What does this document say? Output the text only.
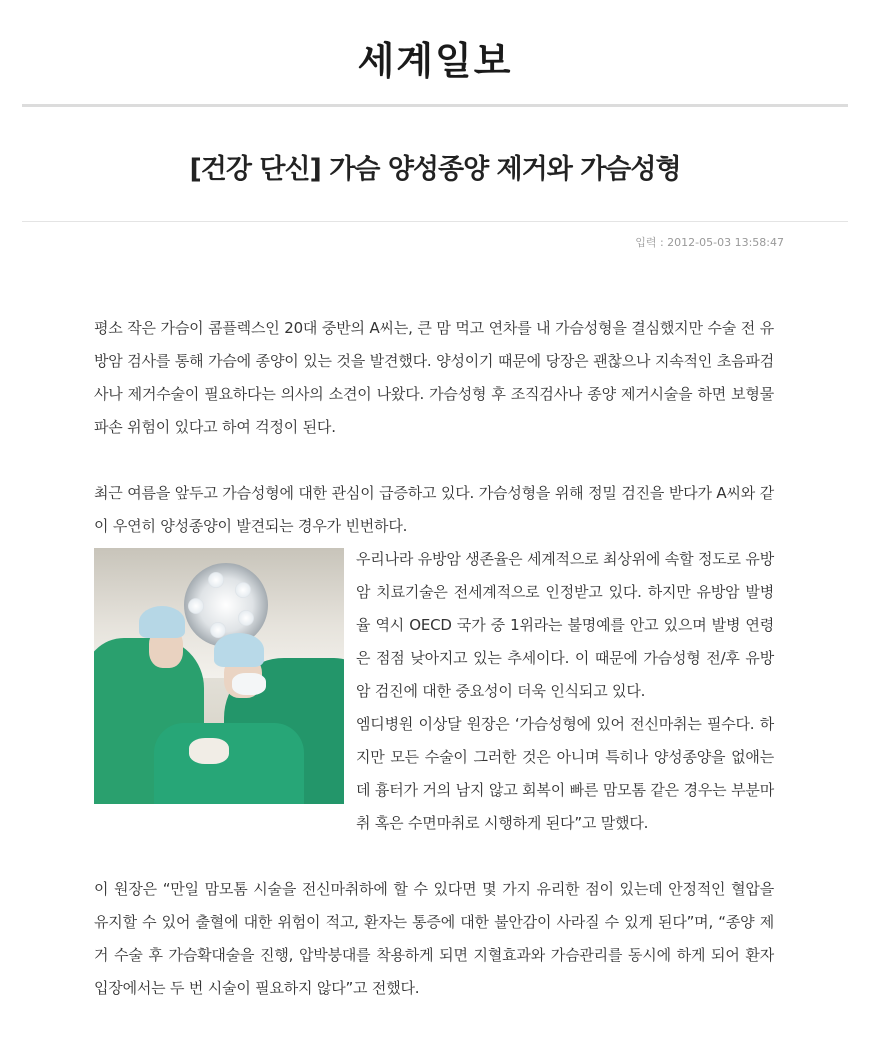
세계일보
[건강 단신] 가슴 양성종양 제거와 가슴성형
입력 : 2012-05-03 13:58:47

평소 작은 가슴이 콤플렉스인 20대 중반의 A씨는, 큰 맘 먹고 연차를 내 가슴성형을 결심했지만 수술 전 유방암 검사를 통해 가슴에 종양이 있는 것을 발견했다. 양성이기 때문에 당장은 괜찮으나 지속적인 초음파검사나 제거수술이 필요하다는 의사의 소견이 나왔다. 가슴성형 후 조직검사나 종양 제거시술을 하면 보형물 파손 위험이 있다고 하여 걱정이 된다.

최근 여름을 앞두고 가슴성형에 대한 관심이 급증하고 있다. 가슴성형을 위해 정밀 검진을 받다가 A씨와 같이 우연히 양성종양이 발견되는 경우가 빈번하다.

우리나라 유방암 생존율은 세계적으로 최상위에 속할 정도로 유방암 치료기술은 전세계적으로 인정받고 있다. 하지만 유방암 발병율 역시 OECD 국가 중 1위라는 불명예를 안고 있으며 발병 연령은 점점 낮아지고 있는 추세이다. 이 때문에 가슴성형 전/후 유방암 검진에 대한 중요성이 더욱 인식되고 있다.

엠디병원 이상달 원장은 ‘가슴성형에 있어 전신마취는 필수다. 하지만 모든 수술이 그러한 것은 아니며 특히나 양성종양을 없애는데 흉터가 거의 남지 않고 회복이 빠른 맘모톰 같은 경우는 부분마취 혹은 수면마취로 시행하게 된다”고 말했다.

이 원장은 “만일 맘모톰 시술을 전신마취하에 할 수 있다면 몇 가지 유리한 점이 있는데 안정적인 혈압을 유지할 수 있어 출혈에 대한 위험이 적고, 환자는 통증에 대한 불안감이 사라질 수 있게 된다”며, “종양 제거 수술 후 가슴확대술을 진행, 압박붕대를 착용하게 되면 지혈효과와 가슴관리를 동시에 하게 되어 환자 입장에서는 두 번 시술이 필요하지 않다”고 전했다.
